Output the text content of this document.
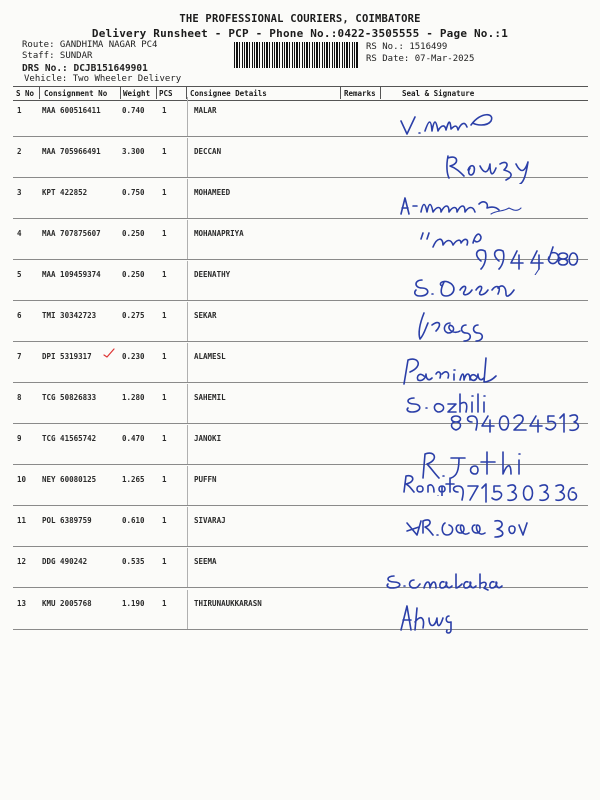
THE PROFESSIONAL COURIERS, COIMBATORE
Delivery Runsheet - PCP - Phone No.:0422-3505555 - Page No.:1
Route: GANDHIMA NAGAR PC4
Staff: SUNDAR
DRS No.: DCJB151649901
Vehicle: Two Wheeler Delivery
RS No.: 1516499
RS Date: 07-Mar-2025
S No Consignment No Weight PCS Consignee Details	Remarks	Seal & Signature
1	MAA 600516411	0.740 1	MALAR
2	MAA 705966491	3.300 1	DECCAN
3	KPT 422852	0.750 1	MOHAMEED
4	MAA 707875607	0.250 1	MOHANAPRIYA
5	MAA 109459374	0.250 1	DEENATHY
6	TMI 30342723	0.275 1	SEKAR
7	DPI 5319317	0.230 1	ALAMESL
8	TCG 50826833	1.280 1	SAHEMIL
9	TCG 41565742	0.470 1	JANOKI
10 NEY 60080125	1.265 1	PUFFN
11 POL 6389759	0.610 1	SIVARAJ
12 DDG 490242	0.535 1	SEEMA
13 KMU 2005768	1.190 1	THIRUNAUKKARASN
